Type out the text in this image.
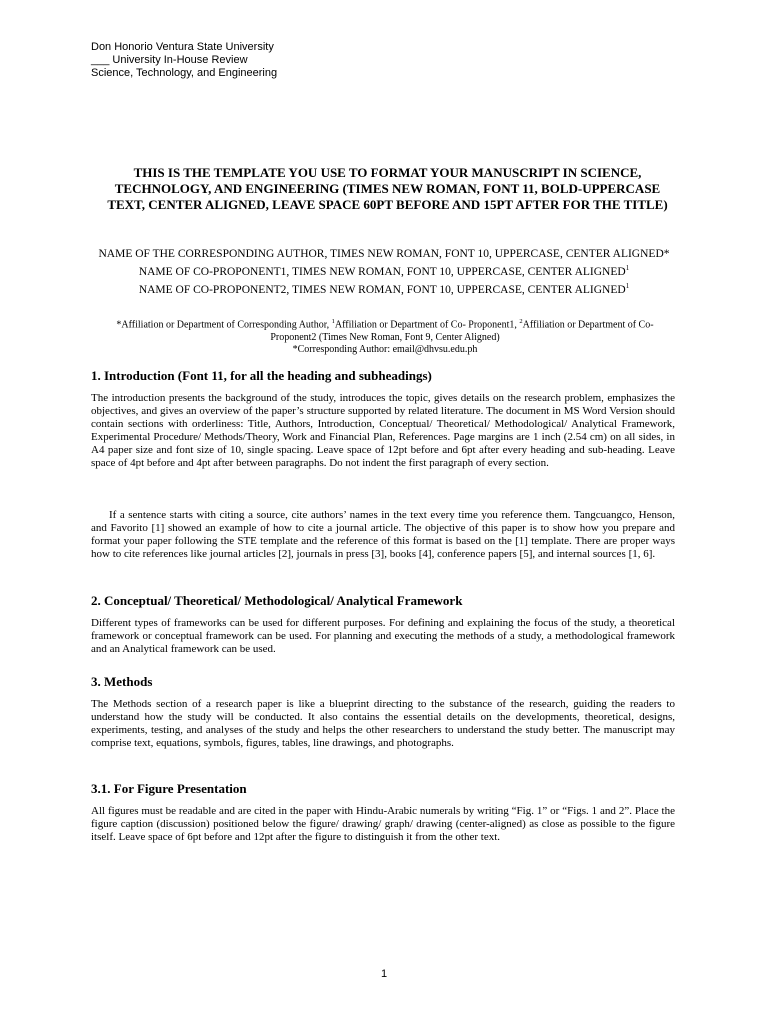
Don Honorio Ventura State University
___ University In-House Review
Science, Technology, and Engineering
THIS IS THE TEMPLATE YOU USE TO FORMAT YOUR MANUSCRIPT IN SCIENCE, TECHNOLOGY, AND ENGINEERING (TIMES NEW ROMAN, FONT 11, BOLD-UPPERCASE TEXT, CENTER ALIGNED, LEAVE SPACE 60PT BEFORE AND 15PT AFTER FOR THE TITLE)
NAME OF THE CORRESPONDING AUTHOR, TIMES NEW ROMAN, FONT 10, UPPERCASE, CENTER ALIGNED*
NAME OF CO-PROPONENT1, TIMES NEW ROMAN, FONT 10, UPPERCASE, CENTER ALIGNED$^1$
NAME OF CO-PROPONENT2, TIMES NEW ROMAN, FONT 10, UPPERCASE, CENTER ALIGNED$^1$
*Affiliation or Department of Corresponding Author, $^1$Affiliation or Department of Co- Proponent1, $^2$Affiliation or Department of Co- Proponent2 (Times New Roman, Font 9, Center Aligned)
*Corresponding Author: email@dhvsu.edu.ph
1. Introduction (Font 11, for all the heading and subheadings)
The introduction presents the background of the study, introduces the topic, gives details on the research problem, emphasizes the objectives, and gives an overview of the paper’s structure supported by related literature. The document in MS Word Version should contain sections with orderliness: Title, Authors, Introduction, Conceptual/ Theoretical/ Methodological/ Analytical Framework, Experimental Procedure/ Methods/Theory, Work and Financial Plan, References. Page margins are 1 inch (2.54 cm) on all sides, in A4 paper size and font size of 10, single spacing. Leave space of 12pt before and 6pt after every heading and sub-heading. Leave space of 4pt before and 4pt after between paragraphs. Do not indent the first paragraph of every section.
If a sentence starts with citing a source, cite authors’ names in the text every time you reference them. Tangcuangco, Henson, and Favorito [1] showed an example of how to cite a journal article. The objective of this paper is to show how you prepare and format your paper following the STE template and the reference of this format is based on the [1] template. There are proper ways how to cite references like journal articles [2], journals in press [3], books [4], conference papers [5], and internal sources [1, 6].
2. Conceptual/ Theoretical/ Methodological/ Analytical Framework
Different types of frameworks can be used for different purposes. For defining and explaining the focus of the study, a theoretical framework or conceptual framework can be used. For planning and executing the methods of a study, a methodological framework and an Analytical framework can be used.
3. Methods
The Methods section of a research paper is like a blueprint directing to the substance of the research, guiding the readers to understand how the study will be conducted. It also contains the essential details on the developments, theoretical, designs, experiments, testing, and analyses of the study and helps the other researchers to understand the study better. The manuscript may comprise text, equations, symbols, figures, tables, line drawings, and photographs.
3.1. For Figure Presentation
All figures must be readable and are cited in the paper with Hindu-Arabic numerals by writing “Fig. 1” or “Figs. 1 and 2”. Place the figure caption (discussion) positioned below the figure/ drawing/ graph/ drawing (center-aligned) as close as possible to the figure itself. Leave space of 6pt before and 12pt after the figure to distinguish it from the other text.
1
